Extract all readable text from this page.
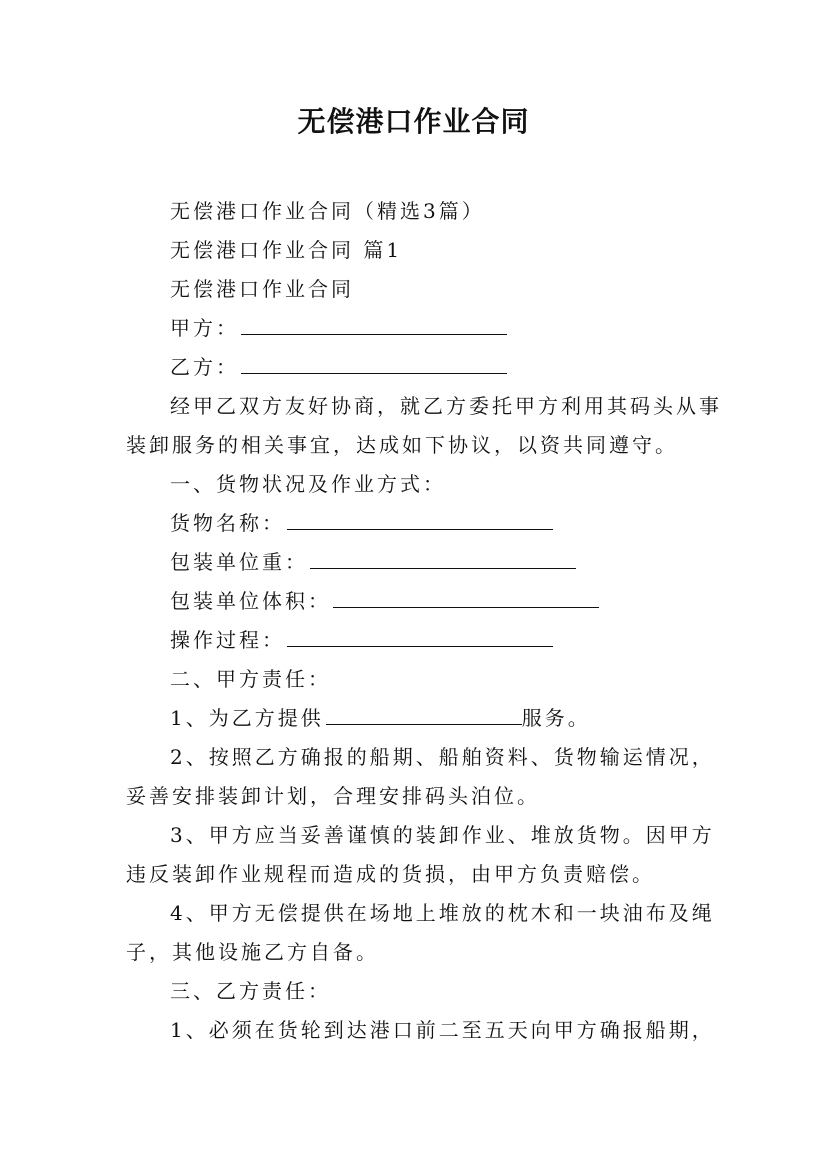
无偿港口作业合同
无偿港口作业合同（精选3篇）
无偿港口作业合同 篇1
无偿港口作业合同
甲方：
乙方：
经甲乙双方友好协商，就乙方委托甲方利用其码头从事
装卸服务的相关事宜，达成如下协议，以资共同遵守。
一、货物状况及作业方式：
货物名称：
包装单位重：
包装单位体积：
操作过程：
二、甲方责任：
1、为乙方提供	服务。
2、按照乙方确报的船期、船舶资料、货物输运情况，
妥善安排装卸计划，合理安排码头泊位。
3、甲方应当妥善谨慎的装卸作业、堆放货物。因甲方
违反装卸作业规程而造成的货损，由甲方负责赔偿。
4、甲方无偿提供在场地上堆放的枕木和一块油布及绳
子，其他设施乙方自备。
三、乙方责任：
1、必须在货轮到达港口前二至五天向甲方确报船期，
